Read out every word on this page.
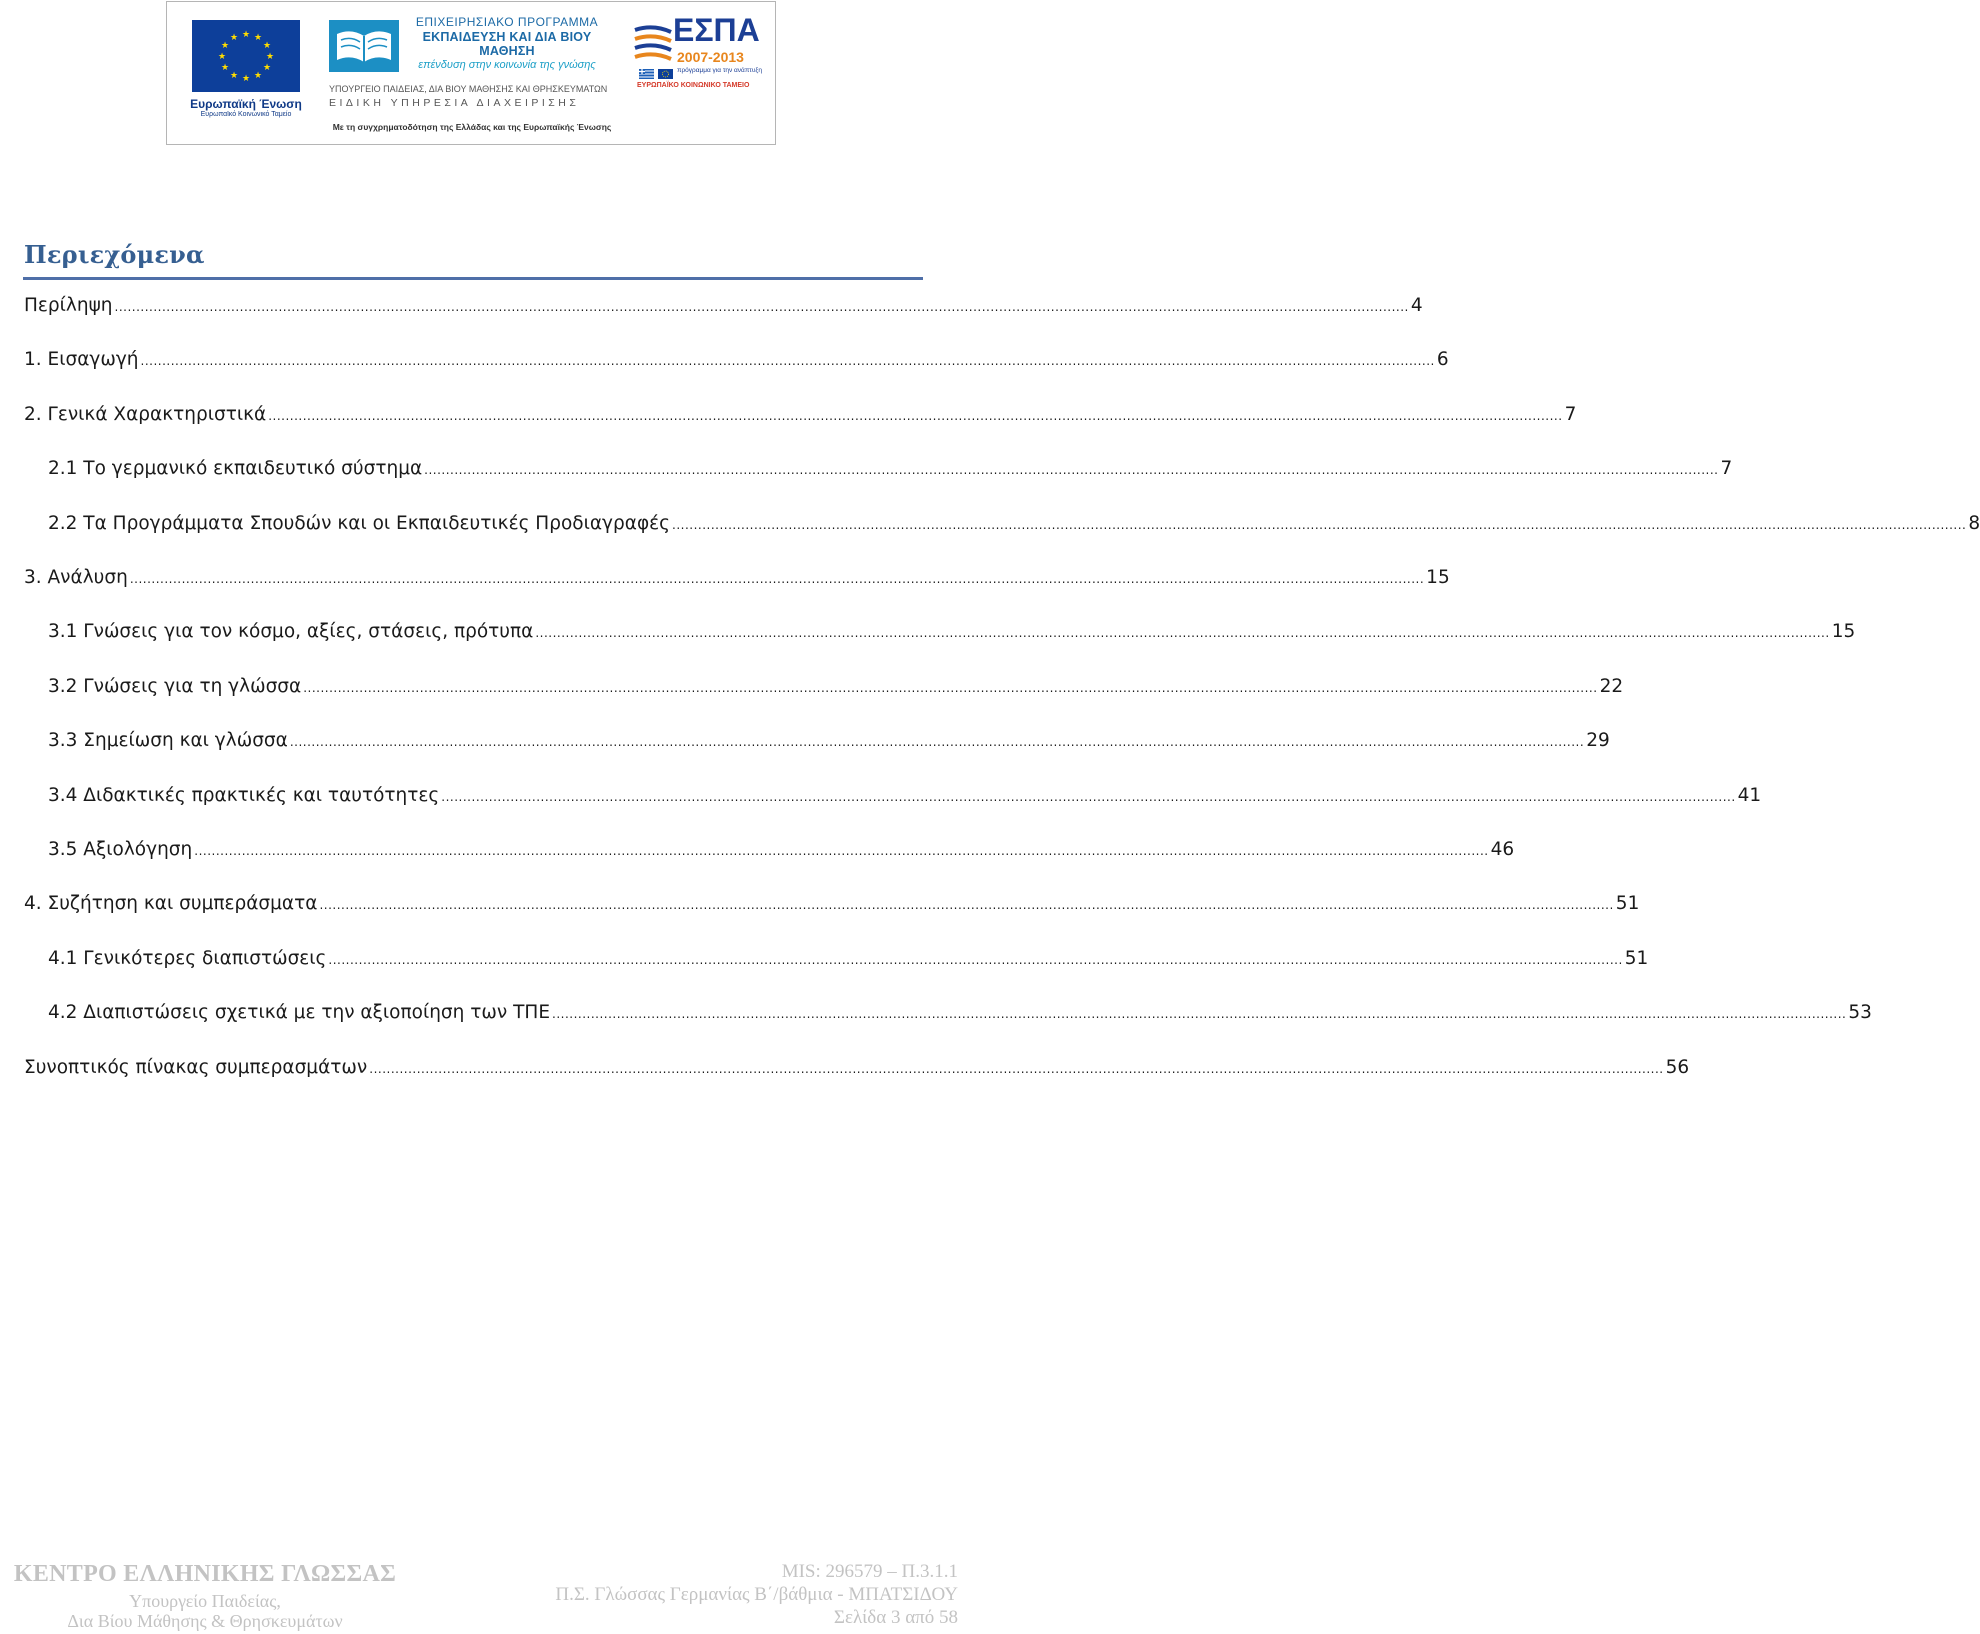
★ ★
★
★
★
★
★
★
★
★
★
★
Ευρωπαϊκή Ένωση
Ευρωπαϊκό Κοινωνικό Ταμείο
ΕΠΙΧΕΙΡΗΣΙΑΚΟ ΠΡΟΓΡΑΜΜΑ
ΕΚΠΑΙΔΕΥΣΗ ΚΑΙ ΔΙΑ ΒΙΟΥ ΜΑΘΗΣΗ
επένδυση στην κοινωνία της γνώσης
ΥΠΟΥΡΓΕΙΟ ΠΑΙΔΕΙΑΣ, ΔΙΑ ΒΙΟΥ ΜΑΘΗΣΗΣ ΚΑΙ ΘΡΗΣΚΕΥΜΑΤΩΝ
ΕΙΔΙΚΗ ΥΠΗΡΕΣΙΑ ΔΙΑΧΕΙΡΙΣΗΣ
Με τη συγχρηματοδότηση της Ελλάδας και της Ευρωπαϊκής Ένωσης
ΕΣΠΑ
2007-2013
πρόγραμμα για την ανάπτυξη
ΕΥΡΩΠΑΪΚΟ ΚΟΙΝΩΝΙΚΟ ΤΑΜΕΙΟ
Περιεχόμενα
Περίληψη ............................................................................................................................................................................................................................................................................................................ 4
1. Εισαγωγή ............................................................................................................................................................................................................................................................................................................ 6
2. Γενικά Χαρακτηριστικά ............................................................................................................................................................................................................................................................................................................ 7
2.1 Το γερμανικό εκπαιδευτικό σύστημα ............................................................................................................................................................................................................................................................................................................ 7
2.2 Τα Προγράμματα Σπουδών και οι Εκπαιδευτικές Προδιαγραφές ............................................................................................................................................................................................................................................................................................................ 8
3. Ανάλυση ............................................................................................................................................................................................................................................................................................................ 15
3.1 Γνώσεις για τον κόσμο, αξίες, στάσεις, πρότυπα ............................................................................................................................................................................................................................................................................................................ 15
3.2 Γνώσεις για τη γλώσσα ............................................................................................................................................................................................................................................................................................................ 22
3.3 Σημείωση και γλώσσα ............................................................................................................................................................................................................................................................................................................ 29
3.4 Διδακτικές πρακτικές και ταυτότητες ............................................................................................................................................................................................................................................................................................................ 41
3.5 Αξιολόγηση ............................................................................................................................................................................................................................................................................................................ 46
4. Συζήτηση και συμπεράσματα ............................................................................................................................................................................................................................................................................................................ 51
4.1 Γενικότερες διαπιστώσεις ............................................................................................................................................................................................................................................................................................................ 51
4.2 Διαπιστώσεις σχετικά με την αξιοποίηση των ΤΠΕ ............................................................................................................................................................................................................................................................................................................ 53
Συνοπτικός πίνακας συμπερασμάτων ............................................................................................................................................................................................................................................................................................................ 56
ΚΕΝΤΡΟ ΕΛΛΗΝΙΚΗΣ ΓΛΩΣΣΑΣ
Υπουργείο Παιδείας,
Δια Βίου Μάθησης & Θρησκευμάτων
MIS: 296579 – Π.3.1.1
Π.Σ. Γλώσσας Γερμανίας Β΄/βάθμια - ΜΠΑΤΣΙΔΟΥ
Σελίδα 3 από 58
